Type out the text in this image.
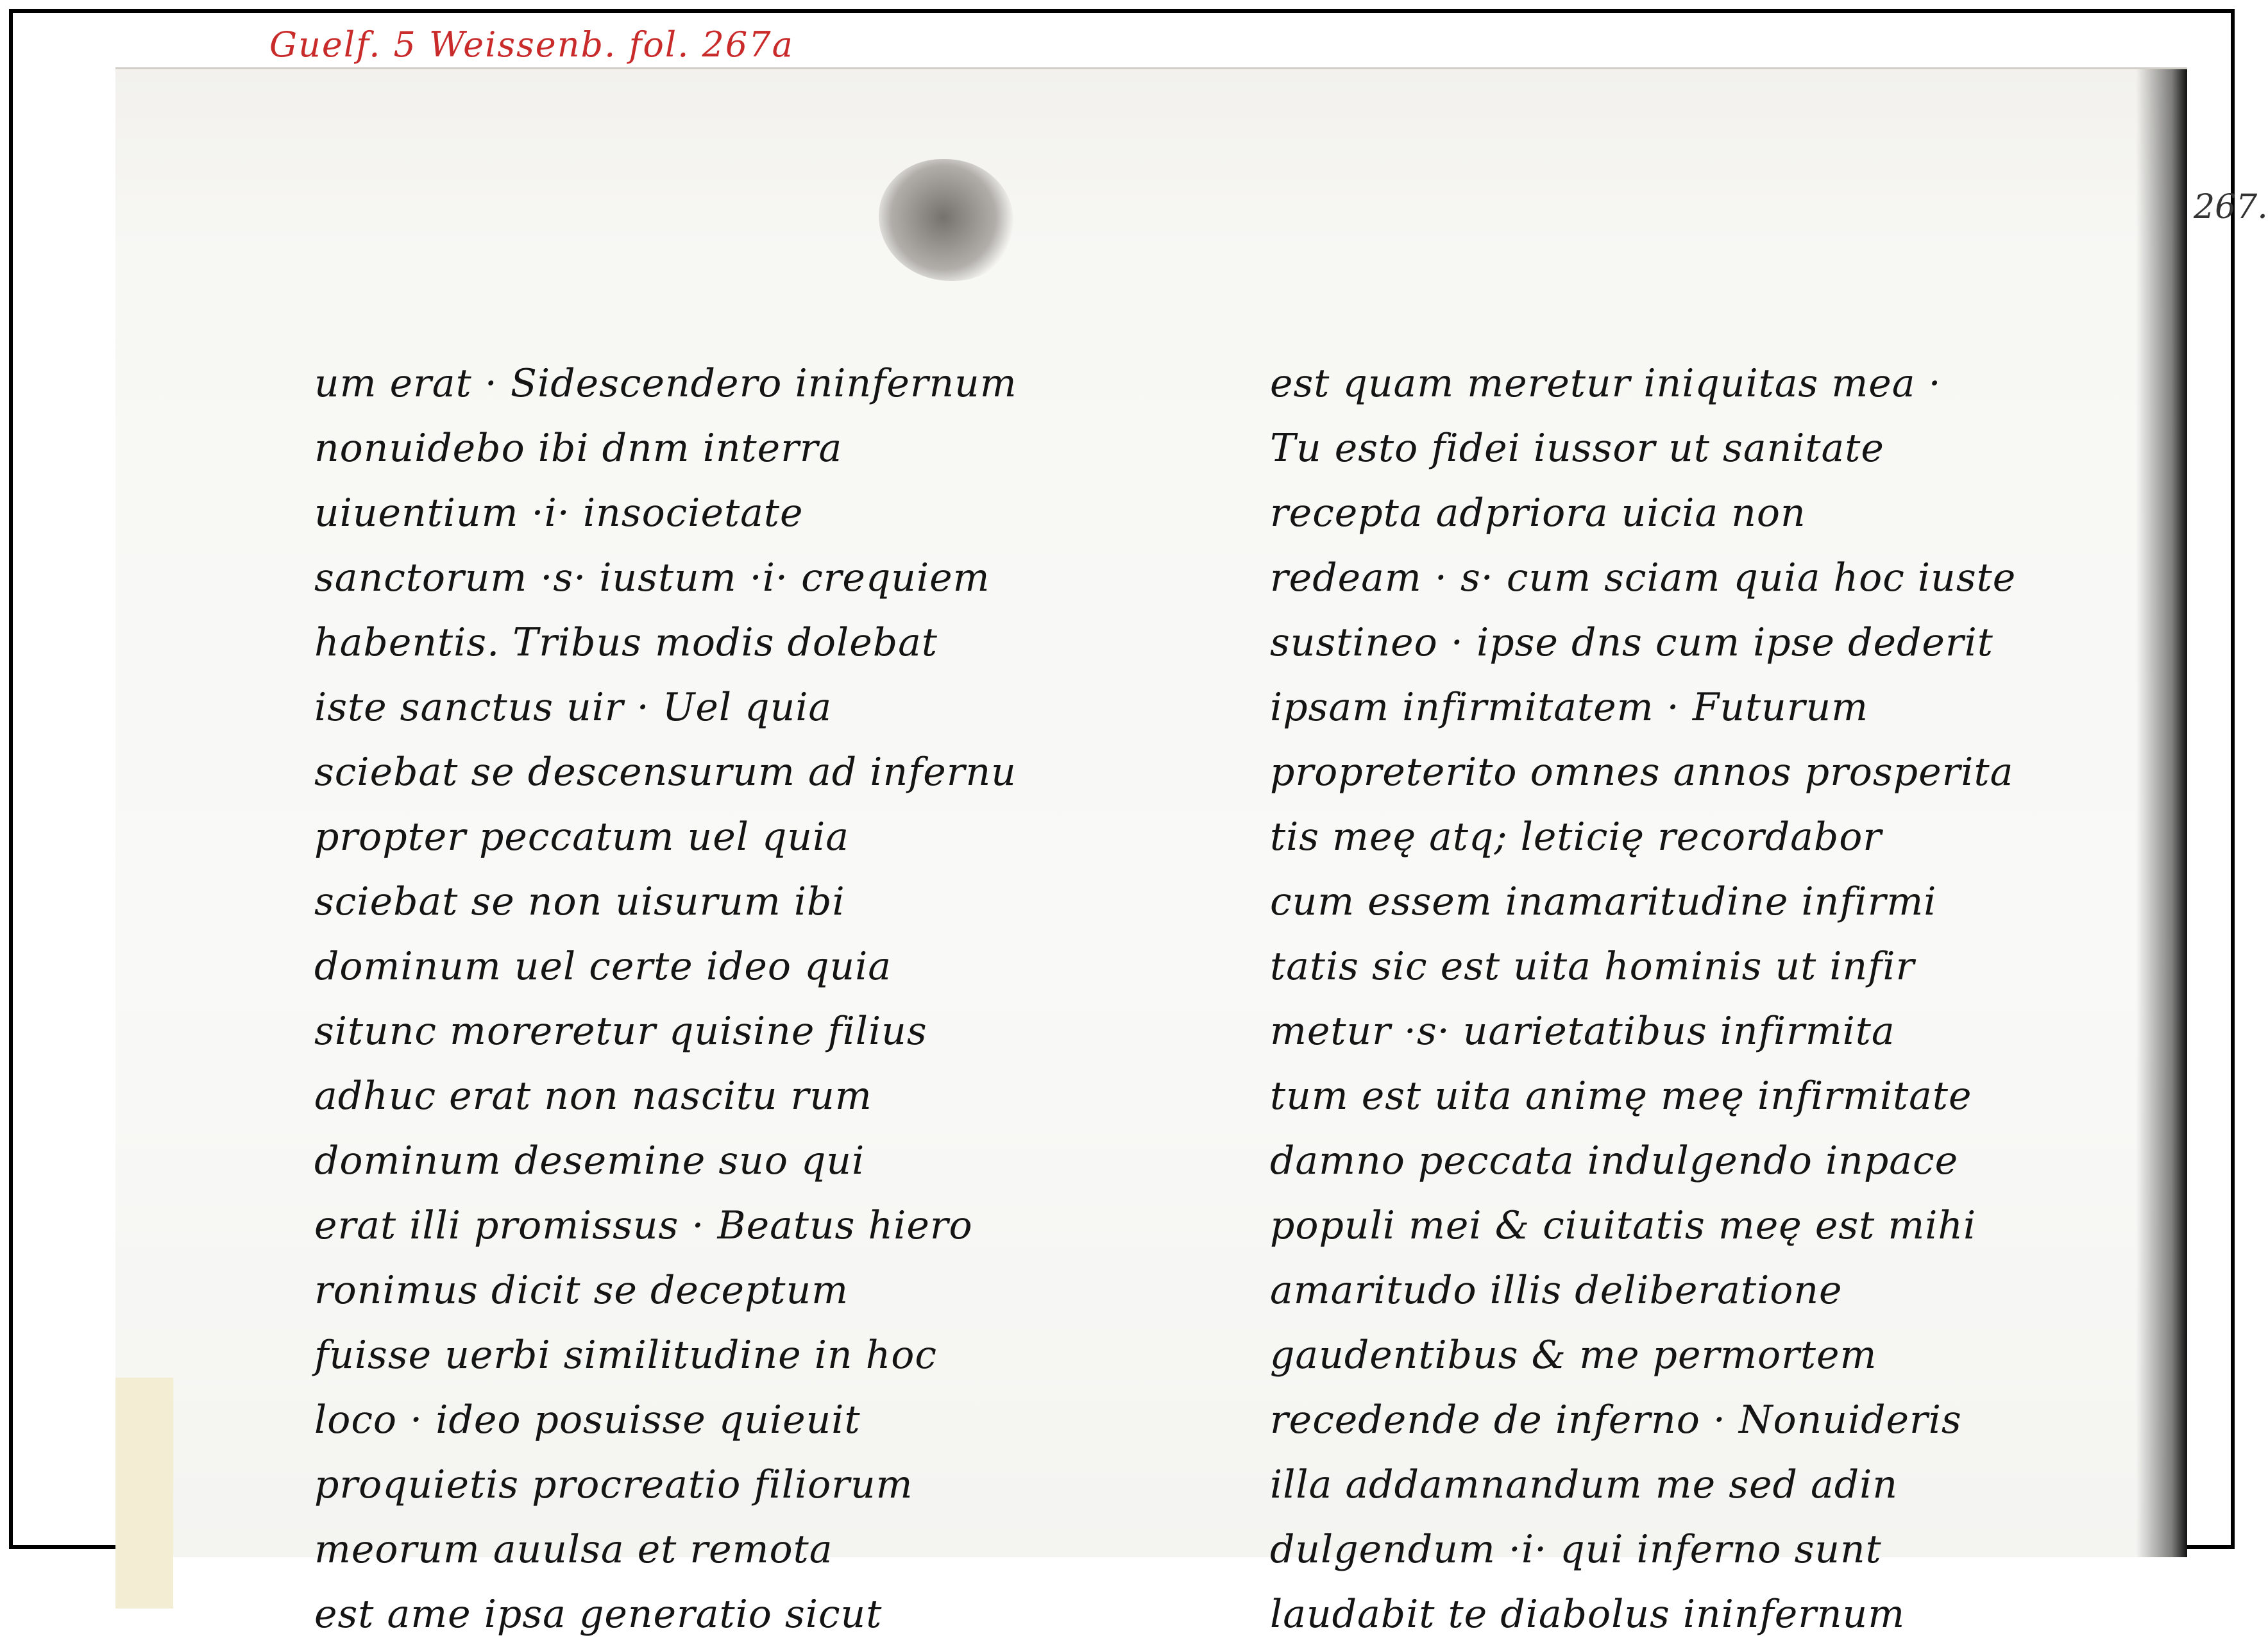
267.
um erat · Sidescendero ininfernum
nonuidebo ibi dnm interra
uiuentium ·i· insocietate
sanctorum ·s· iustum ·i· crequiem
habentis. Tribus modis dolebat
iste sanctus uir · Uel quia
sciebat se descensurum ad infernu
propter peccatum uel quia
sciebat se non uisurum ibi
dominum uel certe ideo quia
situnc moreretur quisine filius
adhuc erat non nascitu rum
dominum desemine suo qui
erat illi promissus · Beatus hiero
ronimus dicit se deceptum
fuisse uerbi similitudine in hoc
loco · ideo posuisse quieuit
proquietis procreatio filiorum
meorum auulsa et remota
est ame ipsa generatio sicut
est quam meretur iniquitas mea ·
Tu esto fidei iussor ut sanitate
recepta adpriora uicia non
redeam · s· cum sciam quia hoc iuste
sustineo · ipse dns cum ipse dederit
ipsam infirmitatem · Futurum
propreterito omnes annos prosperita
tis meę atq; leticię recordabor
cum essem inamaritudine infirmi
tatis sic est uita hominis ut infir
metur ·s· uarietatibus infirmita
tum est uita animę meę infirmitate
damno peccata indulgendo inpace
populi mei & ciuitatis meę est mihi
amaritudo illis deliberatione
gaudentibus & me permortem
recedende de inferno · Nonuideris
illa addamnandum me sed adin
dulgendum ·i· qui inferno sunt
laudabit te diabolus ininfernum

Guelf. 5 Weissenb. fol. 267a
